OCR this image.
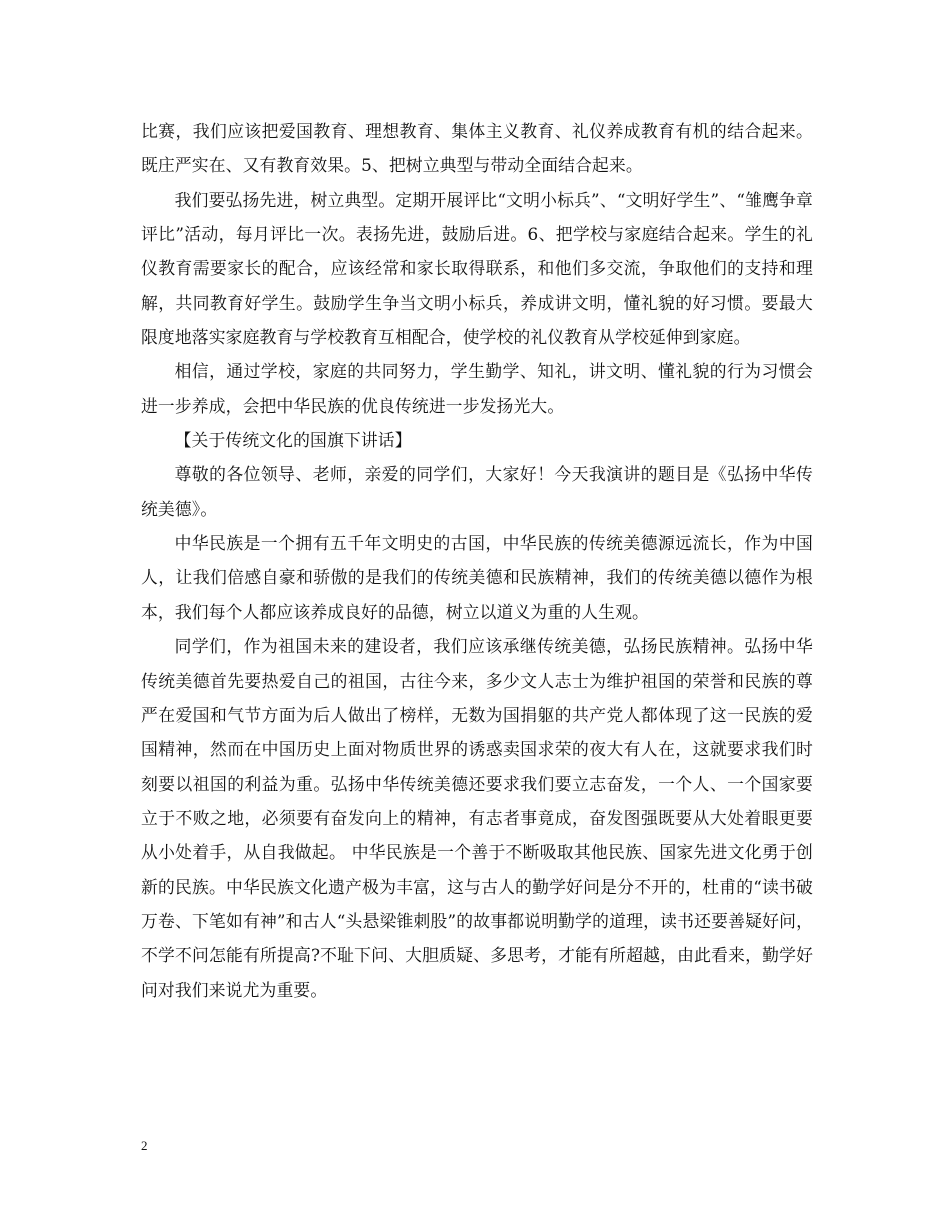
比赛，我们应该把爱国教育、理想教育、集体主义教育、礼仪养成教育有机的结合起来。既庄严实在、又有教育效果。5、把树立典型与带动全面结合起来。

我们要弘扬先进，树立典型。定期开展评比“文明小标兵”、“文明好学生”、“雏鹰争章评比”活动，每月评比一次。表扬先进，鼓励后进。6、把学校与家庭结合起来。学生的礼仪教育需要家长的配合，应该经常和家长取得联系，和他们多交流，争取他们的支持和理解，共同教育好学生。鼓励学生争当文明小标兵，养成讲文明，懂礼貌的好习惯。要最大限度地落实家庭教育与学校教育互相配合，使学校的礼仪教育从学校延伸到家庭。

相信，通过学校，家庭的共同努力，学生勤学、知礼，讲文明、懂礼貌的行为习惯会进一步养成，会把中华民族的优良传统进一步发扬光大。

【关于传统文化的国旗下讲话】

尊敬的各位领导、老师，亲爱的同学们，大家好！今天我演讲的题目是《弘扬中华传统美德》。

中华民族是一个拥有五千年文明史的古国，中华民族的传统美德源远流长，作为中国人，让我们倍感自豪和骄傲的是我们的传统美德和民族精神，我们的传统美德以德作为根本，我们每个人都应该养成良好的品德，树立以道义为重的人生观。

同学们，作为祖国未来的建设者，我们应该承继传统美德，弘扬民族精神。弘扬中华传统美德首先要热爱自己的祖国，古往今来，多少文人志士为维护祖国的荣誉和民族的尊严在爱国和气节方面为后人做出了榜样，无数为国捐躯的共产党人都体现了这一民族的爱国精神，然而在中国历史上面对物质世界的诱惑卖国求荣的夜大有人在，这就要求我们时刻要以祖国的利益为重。弘扬中华传统美德还要求我们要立志奋发，一个人、一个国家要立于不败之地，必须要有奋发向上的精神，有志者事竟成，奋发图强既要从大处着眼更要从小处着手，从自我做起。 中华民族是一个善于不断吸取其他民族、国家先进文化勇于创新的民族。中华民族文化遗产极为丰富，这与古人的勤学好问是分不开的，杜甫的“读书破万卷、下笔如有神”和古人“头悬梁锥刺股”的故事都说明勤学的道理，读书还要善疑好问，不学不问怎能有所提高?不耻下问、大胆质疑、多思考，才能有所超越，由此看来，勤学好问对我们来说尤为重要。

2
